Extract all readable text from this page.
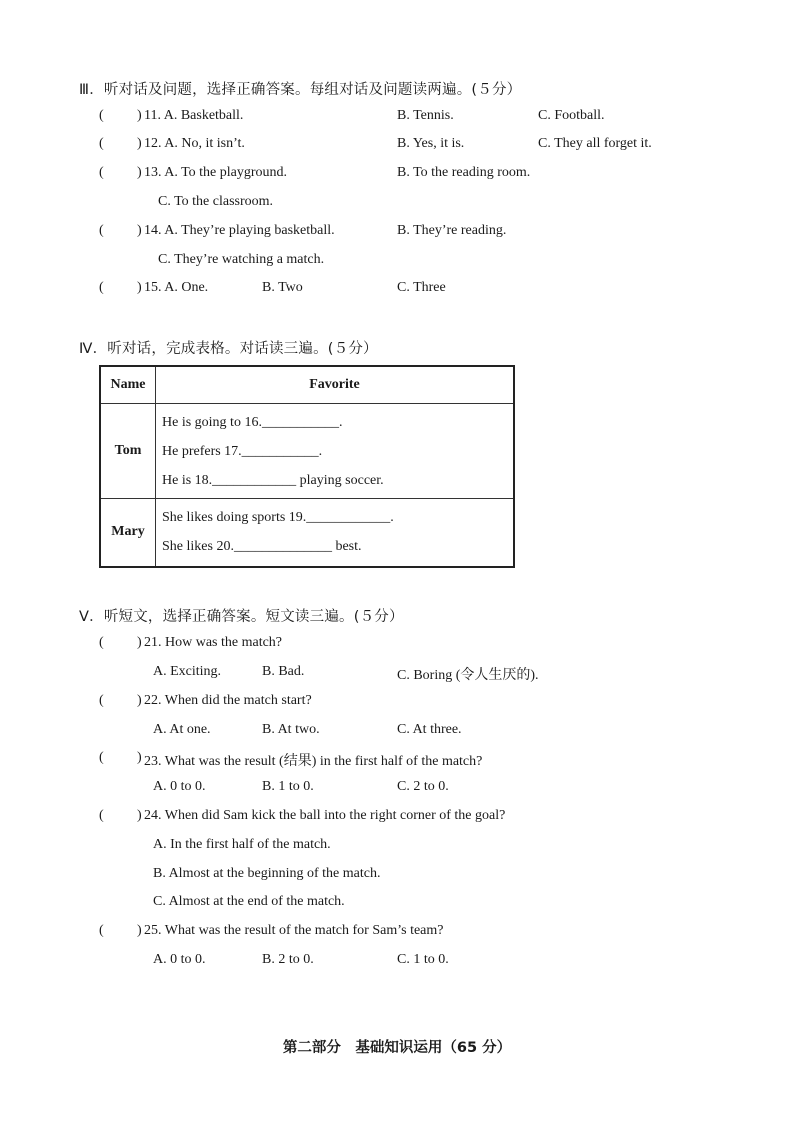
Ⅲ．听对话及问题，选择正确答案。每组对话及问题读两遍。(５分）
( ) 11. A. Basketball.	B. Tennis.	C. Football.
( ) 12. A. No, it isn’t.	B. Yes, it is.	C. They all forget it.
( ) 13. A. To the playground.	B. To the reading room.
C. To the classroom.
( ) 14. A. They’re playing basketball.	B. They’re reading.
C. They’re watching a match.
( ) 15. A. One.	B. Two	C. Three
Ⅳ．听对话，完成表格。对话读三遍。(５分）
Name	Favorite
Tom	He is going to 16.___________.
He prefers 17.___________.
He is 18.____________ playing soccer.

Mary	She likes doing sports 19.____________.
She likes 20.______________ best.
Ⅴ．听短文，选择正确答案。短文读三遍。(５分）
( ) 21. How was the match?
A. Exciting.	B. Bad.	C. Boring (令人生厌的).
( ) 22. When did the match start?
A. At one.	B. At two.	C. At three.
( ) 23. What was the result (结果) in the first half of the match?
A. 0 to 0.	B. 1 to 0.	C. 2 to 0.
( ) 24. When did Sam kick the ball into the right corner of the goal?
A. In the first half of the match.
B. Almost at the beginning of the match.
C. Almost at the end of the match.
( ) 25. What was the result of the match for Sam’s team?
A. 0 to 0.	B. 2 to 0.	C. 1 to 0.
第二部分　基础知识运用（65 分）
